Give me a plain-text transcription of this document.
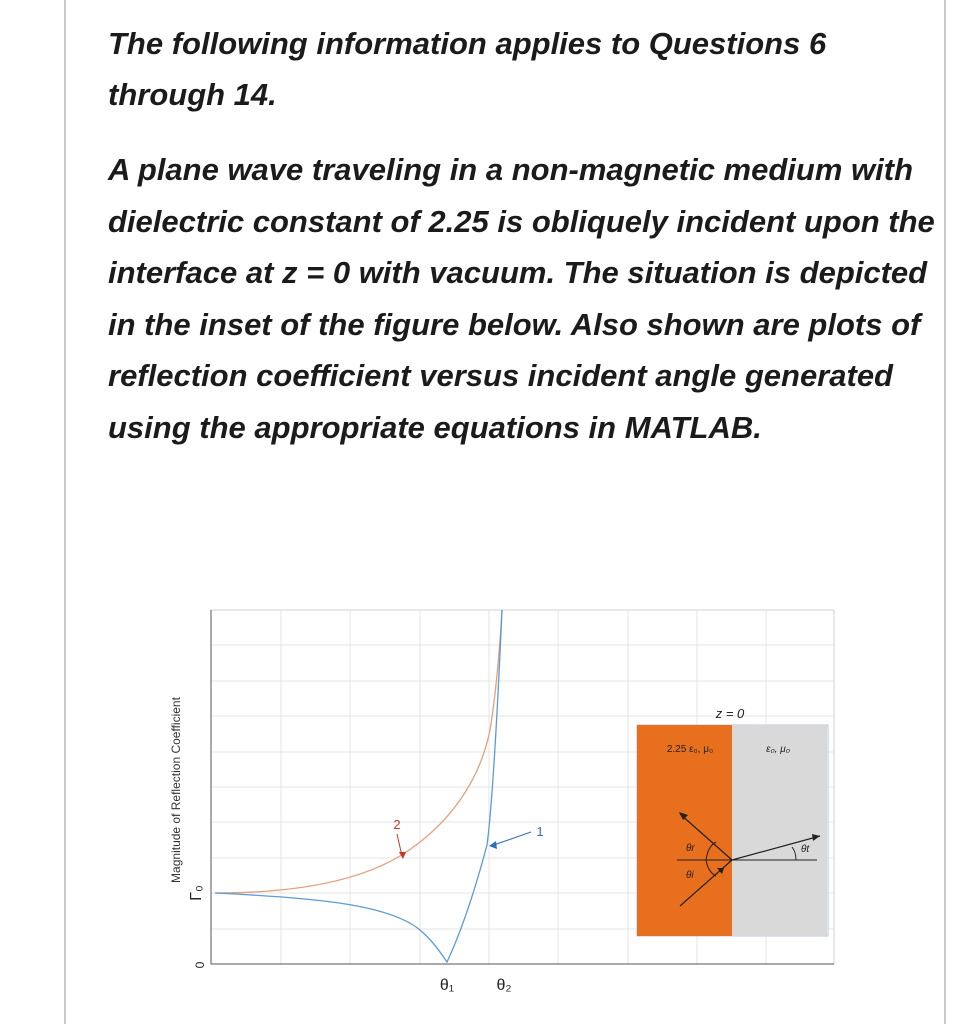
The following information applies to Questions 6 through 14.

A plane wave traveling in a non-magnetic medium with dielectric constant of 2.25 is obliquely incident upon the interface at z = 0 with vacuum. The situation is depicted in the inset of the figure below. Also shown are plots of reflection coefficient versus incident angle generated using the appropriate equations in MATLAB.

Magnitude of Reflection Coefficient
Γ₀
0
θ₁	θ₂
2	1
z = 0
2.25 ε₀, μ₀	ε₀, μ₀
θr
θi
θt
